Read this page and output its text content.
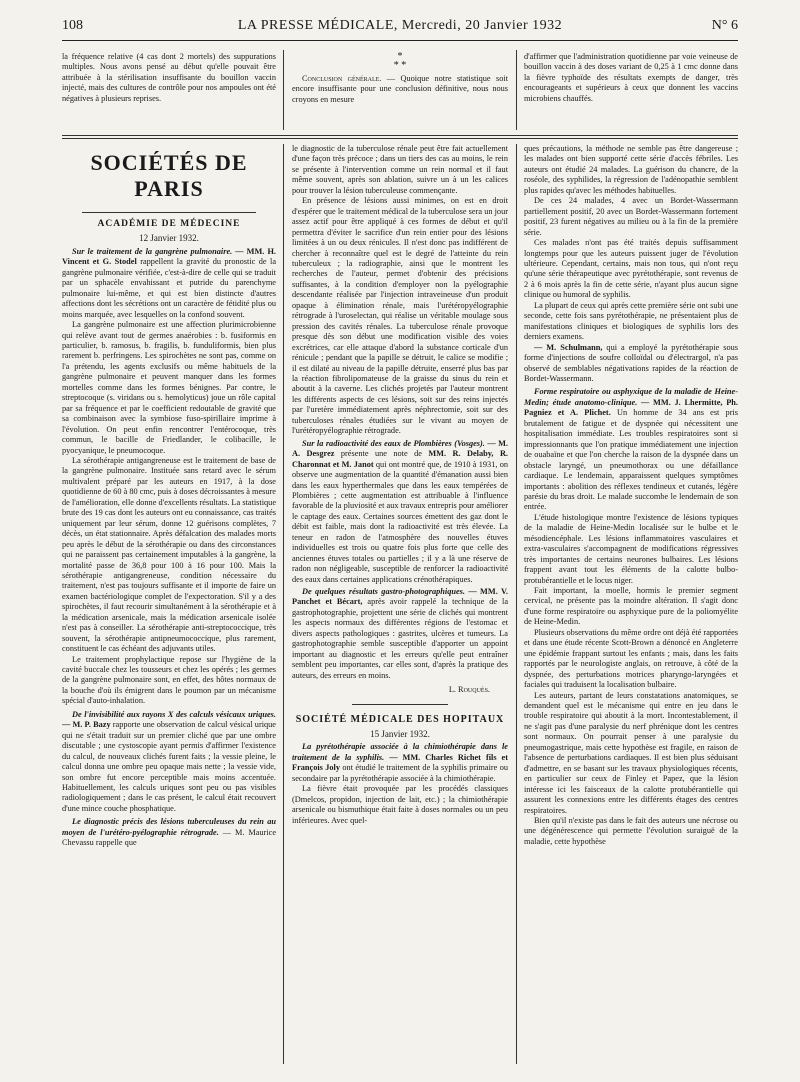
108	LA PRESSE MÉDICALE, Mercredi, 20 Janvier 1932	N° 6

la fréquence relative (4 cas dont 2 mortels) des suppurations multiples. Nous avons pensé au début qu'elle pouvait être attribuée à la stérilisation insuffisante du bouillon vaccin injecté, mais des cultures de contrôle pour nos ampoules ont été négatives à plusieurs reprises.

*
* *

Conclusion générale. — Quoique notre statistique soit encore insuffisante pour une conclusion définitive, nous nous croyons en mesure

d'affirmer que l'administration quotidienne par voie veineuse de bouillon vaccin à des doses variant de 0,25 à 1 cmc donne dans la fièvre typhoïde des résultats exempts de danger, très encourageants et supérieurs à ceux que donnent les vaccins microbiens chauffés.

SOCIÉTÉS DE PARIS
ACADÉMIE DE MÉDECINE
12 Janvier 1932.

Sur le traitement de la gangrène pulmonaire. — MM. H. Vincent et G. Stodel rappellent la gravité du pronostic de la gangrène pulmonaire vérifiée, c'est-à-dire de celle qui se traduit par un sphacèle envahissant et putride du parenchyme pulmonaire lui-même, et qui est bien distincte d'autres affections dont les sécrétions ont un caractère de fétidité plus ou moins marquée, avec lesquelles on la confond souvent.

La gangrène pulmonaire est une affection plurimicrobienne qui relève avant tout de germes anaérobies : b. fusiformis en particulier, b. ramosus, b. fragilis, b. funduliformis, bien plus rarement b. perfringens. Les spirochètes ne sont pas, comme on l'a prétendu, les agents exclusifs ou même habituels de la gangrène pulmonaire et peuvent manquer dans les formes mortelles comme dans les formes bénignes. Par contre, le streptocoque (s. viridans ou s. hemolyticus) joue un rôle capital par sa fréquence et par le coefficient redoutable de gravité que sa combinaison avec la symbiose fuso-spirillaire imprime à l'évolution. On peut enfin rencontrer l'entérocoque, très commun, le bacille de Friedlander, le colibacille, le pyocyanique, le pneumocoque.

La sérothérapie antigangreneuse est le traitement de base de la gangrène pulmonaire. Instituée sans retard avec le sérum multivalent préparé par les auteurs en 1917, à la dose quotidienne de 60 à 80 cmc, puis à doses décroissantes à mesure de l'amélioration, elle donne d'excellents résultats. La statistique brute des 19 cas dont les auteurs ont eu connaissance, cas traités uniquement par leur sérum, donne 12 guérisons complètes, 7 décès, un état stationnaire. Après défalcation des malades morts peu après le début de la sérothérapie ou dans des circonstances qui ne paraissent pas certainement imputables à la gangrène, la mortalité passe de 36,8 pour 100 à 16 pour 100. Mais la sérothérapie antigangreneuse, condition nécessaire du traitement, n'est pas toujours suffisante et il importe de faire un examen bactériologique complet de l'expectoration. S'il y a des spirochètes, il faut recourir simultanément à la sérothérapie et à la médication arsenicale, mais la médication arsenicale isolée n'est pas à conseiller. La sérothérapie anti-streptococcique, très souvent, la sérothérapie antipneumococcique, plus rarement, constituent le cas échéant des adjuvants utiles.

Le traitement prophylactique repose sur l'hygiène de la cavité buccale chez les tousseurs et chez les opérés ; les germes de la gangrène pulmonaire sont, en effet, des hôtes normaux de la bouche d'où ils émigrent dans le poumon par un mécanisme spécial d'auto-inhalation.

De l'invisibilité aux rayons X des calculs vésicaux uriques. — M. P. Bazy rapporte une observation de calcul vésical urique qui ne s'était traduit sur un premier cliché que par une ombre discutable ; une cystoscopie ayant permis d'affirmer l'existence du calcul, de nouveaux clichés furent faits ; la vessie pleine, le calcul donna une ombre peu opaque mais nette ; la vessie vide, son ombre fut encore perceptible mais moins accentuée. Habituellement, les calculs uriques sont peu ou pas visibles radiologiquement ; dans le cas présent, le calcul était recouvert d'une mince couche phosphatique.

Le diagnostic précis des lésions tuberculeuses du rein au moyen de l'urétéro-pyélographie rétrograde. — M. Maurice Chevassu rappelle que

le diagnostic de la tuberculose rénale peut être fait actuellement d'une façon très précoce ; dans un tiers des cas au moins, le rein se présente à l'intervention comme un rein normal et il faut même souvent, après son ablation, suivre un à un les calices pour trouver la lésion tuberculeuse commençante.

En présence de lésions aussi minimes, on est en droit d'espérer que le traitement médical de la tuberculose sera un jour assez actif pour être appliqué à ces formes de début et qu'il permettra d'éviter le sacrifice d'un rein entier pour des lésions limitées à un ou deux rénicules. Il n'est donc pas indifférent de chercher à reconnaître quel est le degré de l'atteinte du rein tuberculeux ; la radiographie, ainsi que le montrent les recherches de l'auteur, permet d'obtenir des précisions suffisantes, à la condition d'employer non la pyélographie descendante réalisée par l'injection intraveineuse d'un produit opaque à élimination rénale, mais l'urétéropyélographie rétrograde à l'uroselectan, qui réalise un véritable moulage sous pression des cavités rénales. La tuberculose rénale provoque presque dès son début une modification visible des voies excrétrices, car elle attaque d'abord la substance corticale d'un rénicule ; pendant que la papille se détruit, le calice se modifie ; il est dilaté au niveau de la papille détruite, enserré plus bas par la réaction fibrolipomateuse de la graisse du sinus du rein et aboutit à la caverne. Les clichés projetés par l'auteur montrent les différents aspects de ces lésions, soit sur des reins injectés par l'uretère immédiatement après néphrectomie, soit sur des tuberculoses rénales étudiées sur le vivant au moyen de l'urétéropyélographie rétrograde.

Sur la radioactivité des eaux de Plombières (Vosges). — M. A. Desgrez présente une note de MM. R. Delaby, R. Charonnat et M. Janot qui ont montré que, de 1910 à 1931, on observe une augmentation de la quantité d'émanation aussi bien dans les eaux hyperthermales que dans les eaux tempérées de Plombières ; cette augmentation est attribuable à l'influence favorable de la pluviosité et aux travaux entrepris pour améliorer le captage des eaux. Certaines sources émettent des gaz dont le débit est faible, mais dont la radioactivité est très élevée. La teneur en radon de l'atmosphère des nouvelles étuves individuelles est trois ou quatre fois plus forte que celle des anciennes étuves totales ou partielles ; il y a là une réserve de radon non négligeable, susceptible de renforcer la radioactivité des eaux dans certaines applications crénothérapiques.

De quelques résultats gastro-photographiques. — MM. V. Panchet et Bécart, après avoir rappelé la technique de la gastrophotographie, projettent une série de clichés qui montrent les aspects normaux des différentes régions de l'estomac et divers aspects pathologiques : gastrites, ulcères et tumeurs. La gastrophotographie semble susceptible d'apporter un appoint important au diagnostic et les erreurs qu'elle peut entraîner semblent peu importantes, car elles sont, d'après la pratique des auteurs, des erreurs en moins.

L. Rouquès.
SOCIÉTÉ MÉDICALE DES HOPITAUX
15 Janvier 1932.

La pyrétothérapie associée à la chimiothérapie dans le traitement de la syphilis. — MM. Charles Richet fils et François Joly ont étudié le traitement de la syphilis primaire ou secondaire par la pyrétothérapie associée à la chimiothérapie.

La fièvre était provoquée par les procédés classiques (Dmelcos, propidon, injection de lait, etc.) ; la chimiothérapie arsenicale ou bismuthique était faite à doses normales ou un peu inférieures. Avec quel-

ques précautions, la méthode ne semble pas être dangereuse ; les malades ont bien supporté cette série d'accès fébriles. Les auteurs ont étudié 24 malades. La guérison du chancre, de la roséole, des syphilides, la régression de l'adénopathie semblent plus rapides qu'avec les méthodes habituelles.

De ces 24 malades, 4 avec un Bordet-Wassermann partiellement positif, 20 avec un Bordet-Wassermann fortement positif, 23 furent négatives au milieu ou à la fin de la première série.

Ces malades n'ont pas été traités depuis suffisamment longtemps pour que les auteurs puissent juger de l'évolution ultérieure. Cependant, certains, mais non tous, qui n'ont reçu qu'une série thérapeutique avec pyrétothérapie, sont revenus de 2 à 6 mois après la fin de cette série, n'ayant plus aucun signe clinique ou humoral de syphilis.

La plupart de ceux qui après cette première série ont subi une seconde, cette fois sans pyrétothérapie, ne présentaient plus de manifestations cliniques et biologiques de syphilis lors des derniers examens.

— M. Schulmann, qui a employé la pyrétothérapie sous forme d'injections de soufre colloïdal ou d'électrargol, n'a pas observé de semblables négativations rapides de la réaction de Bordet-Wassermann.

Forme respiratoire ou asphyxique de la maladie de Heine-Medin; étude anatomo-clinique. — MM. J. Lhermitte, Ph. Pagniez et A. Plichet. Un homme de 34 ans est pris brutalement de fatigue et de dyspnée qui nécessitent une hospitalisation immédiate. Les troubles respiratoires sont si impressionnants que l'on pratique immédiatement une injection de ouabaïne et que l'on cherche la raison de la dyspnée dans un obstacle laryngé, un pneumothorax ou une défaillance cardiaque. Le lendemain, apparaissent quelques symptômes importants : abolition des réflexes tendineux et cutanés, légère parésie du bras droit. Le malade succombe le lendemain de son entrée.

L'étude histologique montre l'existence de lésions typiques de la maladie de Heine-Medin localisée sur le bulbe et le mésodiencéphale. Les lésions inflammatoires vasculaires et extra-vasculaires s'accompagnent de modifications régressives très importantes de certains neurones bulbaires. Les lésions frappent avant tout les éléments de la calotte bulbo-protubérantielle et le locus niger.

Fait important, la moelle, hormis le premier segment cervical, ne présente pas la moindre altération. Il s'agit donc d'une forme respiratoire ou asphyxique pure de la poliomyélite de Heine-Medin.

Plusieurs observations du même ordre ont déjà été rapportées et dans une étude récente Scott-Brown a dénoncé en Angleterre une épidémie frappant surtout les enfants ; mais, dans les faits rapportés par le neurologiste anglais, on retrouve, à côté de la dyspnée, des perturbations motrices pharyngo-laryngées et faciales qui traduisent la localisation bulbaire.

Les auteurs, partant de leurs constatations anatomiques, se demandent quel est le mécanisme qui entre en jeu dans le trouble respiratoire qui aboutit à la mort. Incontestablement, il ne s'agit pas d'une paralysie du nerf phrénique dont les centres sont normaux. On pourrait penser à une paralysie du pneumogastrique, mais cette hypothèse est fragile, en raison de l'absence de perturbations cardiaques. Il est bien plus séduisant d'admettre, en se basant sur les travaux physiologiques récents, en particulier sur ceux de Finley et Papez, que la lésion intéresse ici les faisceaux de la calotte protubérantielle qui assurent les connexions entre les différents étages des centres respiratoires.

Bien qu'il n'existe pas dans le fait des auteurs une nécrose ou une dégénérescence qui permette l'évolution suraiguë de la maladie, cette hypothèse
